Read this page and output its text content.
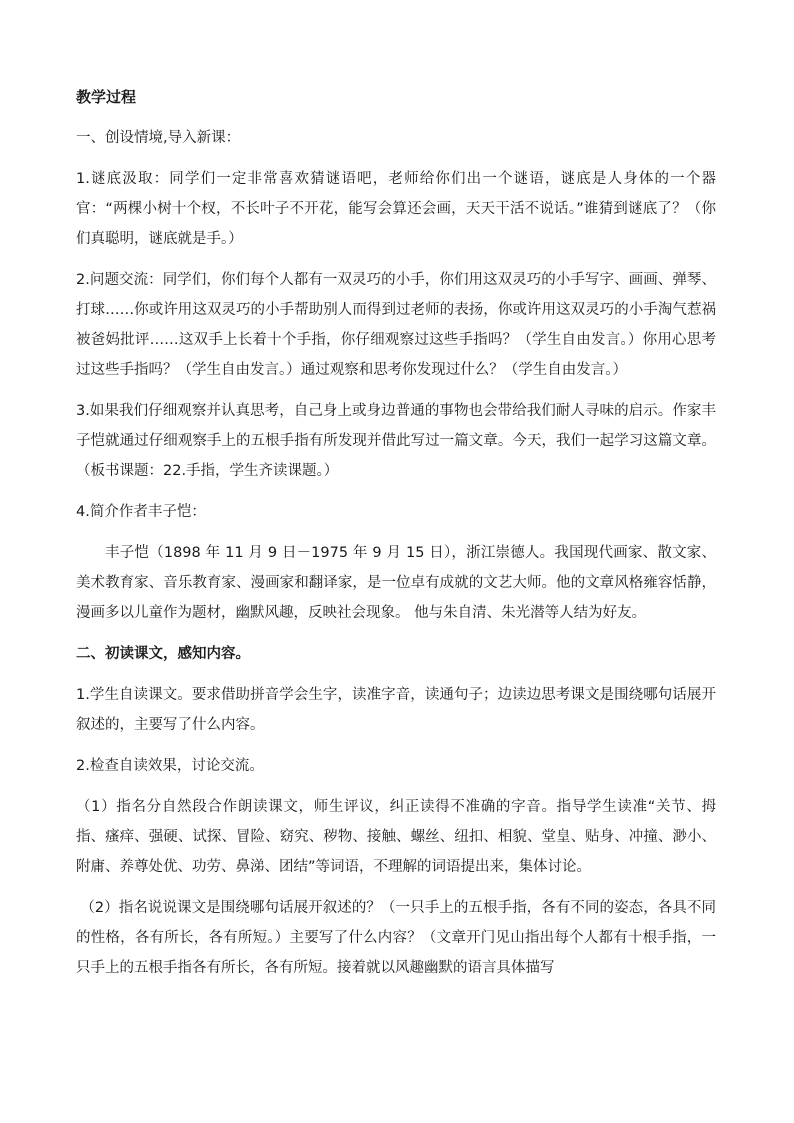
教学过程
一、创设情境,导入新课：
1.谜底汲取：同学们一定非常喜欢猜谜语吧，老师给你们出一个谜语，谜底是人身体的一个器官：“两棵小树十个杈，不长叶子不开花，能写会算还会画，天天干活不说话。”谁猜到谜底了？（你们真聪明，谜底就是手。）
2.问题交流：同学们，你们每个人都有一双灵巧的小手，你们用这双灵巧的小手写字、画画、弹琴、打球……你或许用这双灵巧的小手帮助别人而得到过老师的表扬，你或许用这双灵巧的小手淘气惹祸被爸妈批评……这双手上长着十个手指，你仔细观察过这些手指吗？（学生自由发言。）你用心思考过这些手指吗？（学生自由发言。）通过观察和思考你发现过什么？（学生自由发言。）
3.如果我们仔细观察并认真思考，自己身上或身边普通的事物也会带给我们耐人寻味的启示。作家丰子恺就通过仔细观察手上的五根手指有所发现并借此写过一篇文章。今天，我们一起学习这篇文章。（板书课题：22.手指，学生齐读课题。）
4.简介作者丰子恺：
丰子恺（1898 年 11 月 9 日－1975 年 9 月 15 日），浙江崇德人。我国现代画家、散文家、美术教育家、音乐教育家、漫画家和翻译家，是一位卓有成就的文艺大师。他的文章风格雍容恬静，漫画多以儿童作为题材，幽默风趣，反映社会现象。 他与朱自清、朱光潜等人结为好友。
二、初读课文，感知内容。
1.学生自读课文。要求借助拼音学会生字，读准字音，读通句子；边读边思考课文是围绕哪句话展开叙述的，主要写了什么内容。
2.检查自读效果，讨论交流。
（1）指名分自然段合作朗读课文，师生评议，纠正读得不准确的字音。指导学生读准“关节、拇指、瘙痒、强硬、试探、冒险、窈究、秽物、接触、螺丝、纽扣、相貌、堂皇、贴身、冲撞、渺小、附庸、养尊处优、功劳、鼻涕、团结”等词语，不理解的词语提出来，集体讨论。
（2）指名说说课文是围绕哪句话展开叙述的？（一只手上的五根手指，各有不同的姿态，各具不同的性格，各有所长，各有所短。）主要写了什么内容？（文章开门见山指出每个人都有十根手指，一只手上的五根手指各有所长，各有所短。接着就以风趣幽默的语言具体描写
